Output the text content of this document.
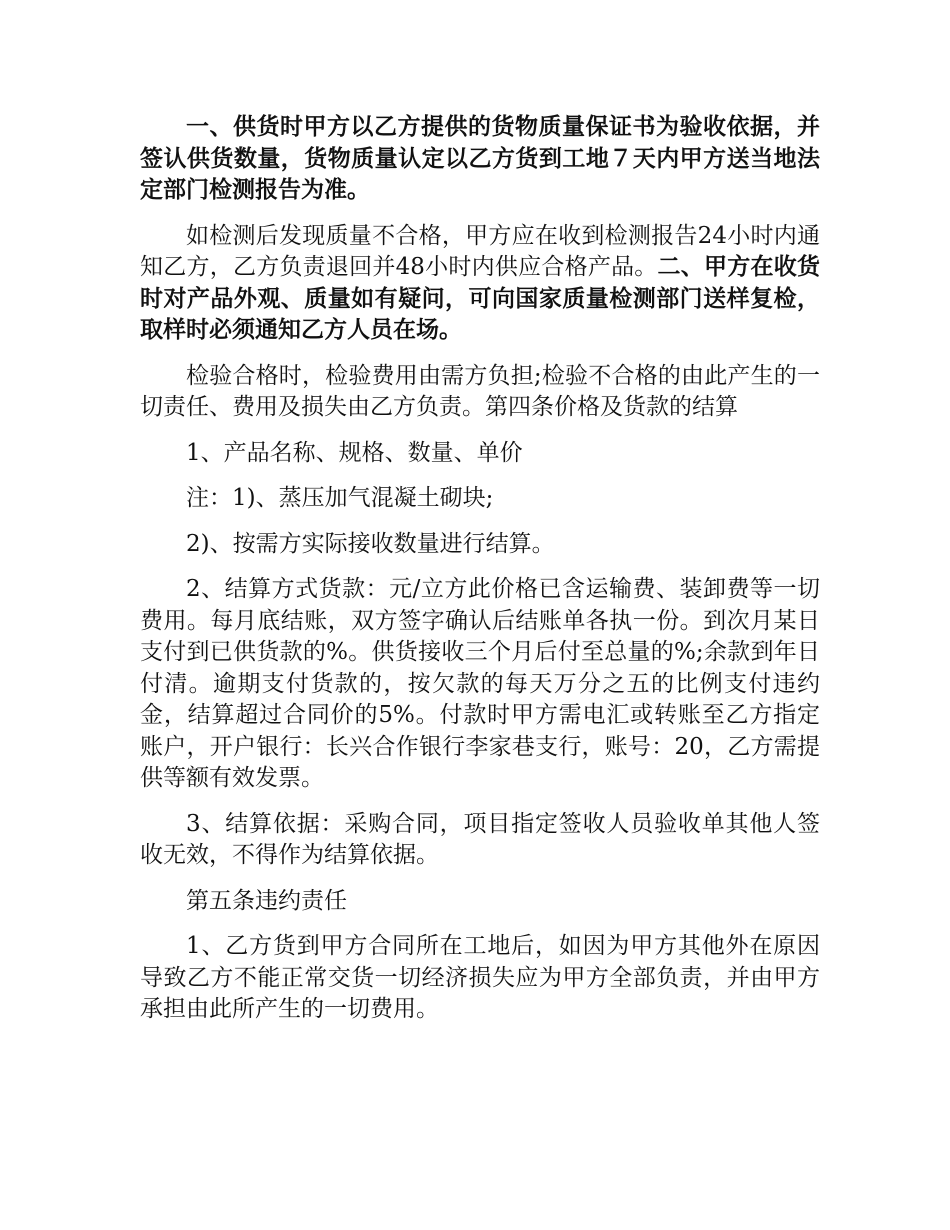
一、供货时甲方以乙方提供的货物质量保证书为验收依据，并签认供货数量，货物质量认定以乙方货到工地７天内甲方送当地法定部门检测报告为准。

如检测后发现质量不合格，甲方应在收到检测报告24小时内通知乙方，乙方负责退回并48小时内供应合格产品。二、甲方在收货时对产品外观、质量如有疑问，可向国家质量检测部门送样复检，取样时必须通知乙方人员在场。

检验合格时，检验费用由需方负担;检验不合格的由此产生的一切责任、费用及损失由乙方负责。第四条价格及货款的结算

1、产品名称、规格、数量、单价

注：1)、蒸压加气混凝土砌块;

2)、按需方实际接收数量进行结算。

2、结算方式货款：元/立方此价格已含运输费、装卸费等一切费用。每月底结账，双方签字确认后结账单各执一份。到次月某日支付到已供货款的%。供货接收三个月后付至总量的%;余款到年日付清。逾期支付货款的，按欠款的每天万分之五的比例支付违约金，结算超过合同价的5%。付款时甲方需电汇或转账至乙方指定账户，开户银行：长兴合作银行李家巷支行，账号：20，乙方需提供等额有效发票。

3、结算依据：采购合同，项目指定签收人员验收单其他人签收无效，不得作为结算依据。

第五条违约责任

1、乙方货到甲方合同所在工地后，如因为甲方其他外在原因导致乙方不能正常交货一切经济损失应为甲方全部负责，并由甲方承担由此所产生的一切费用。
